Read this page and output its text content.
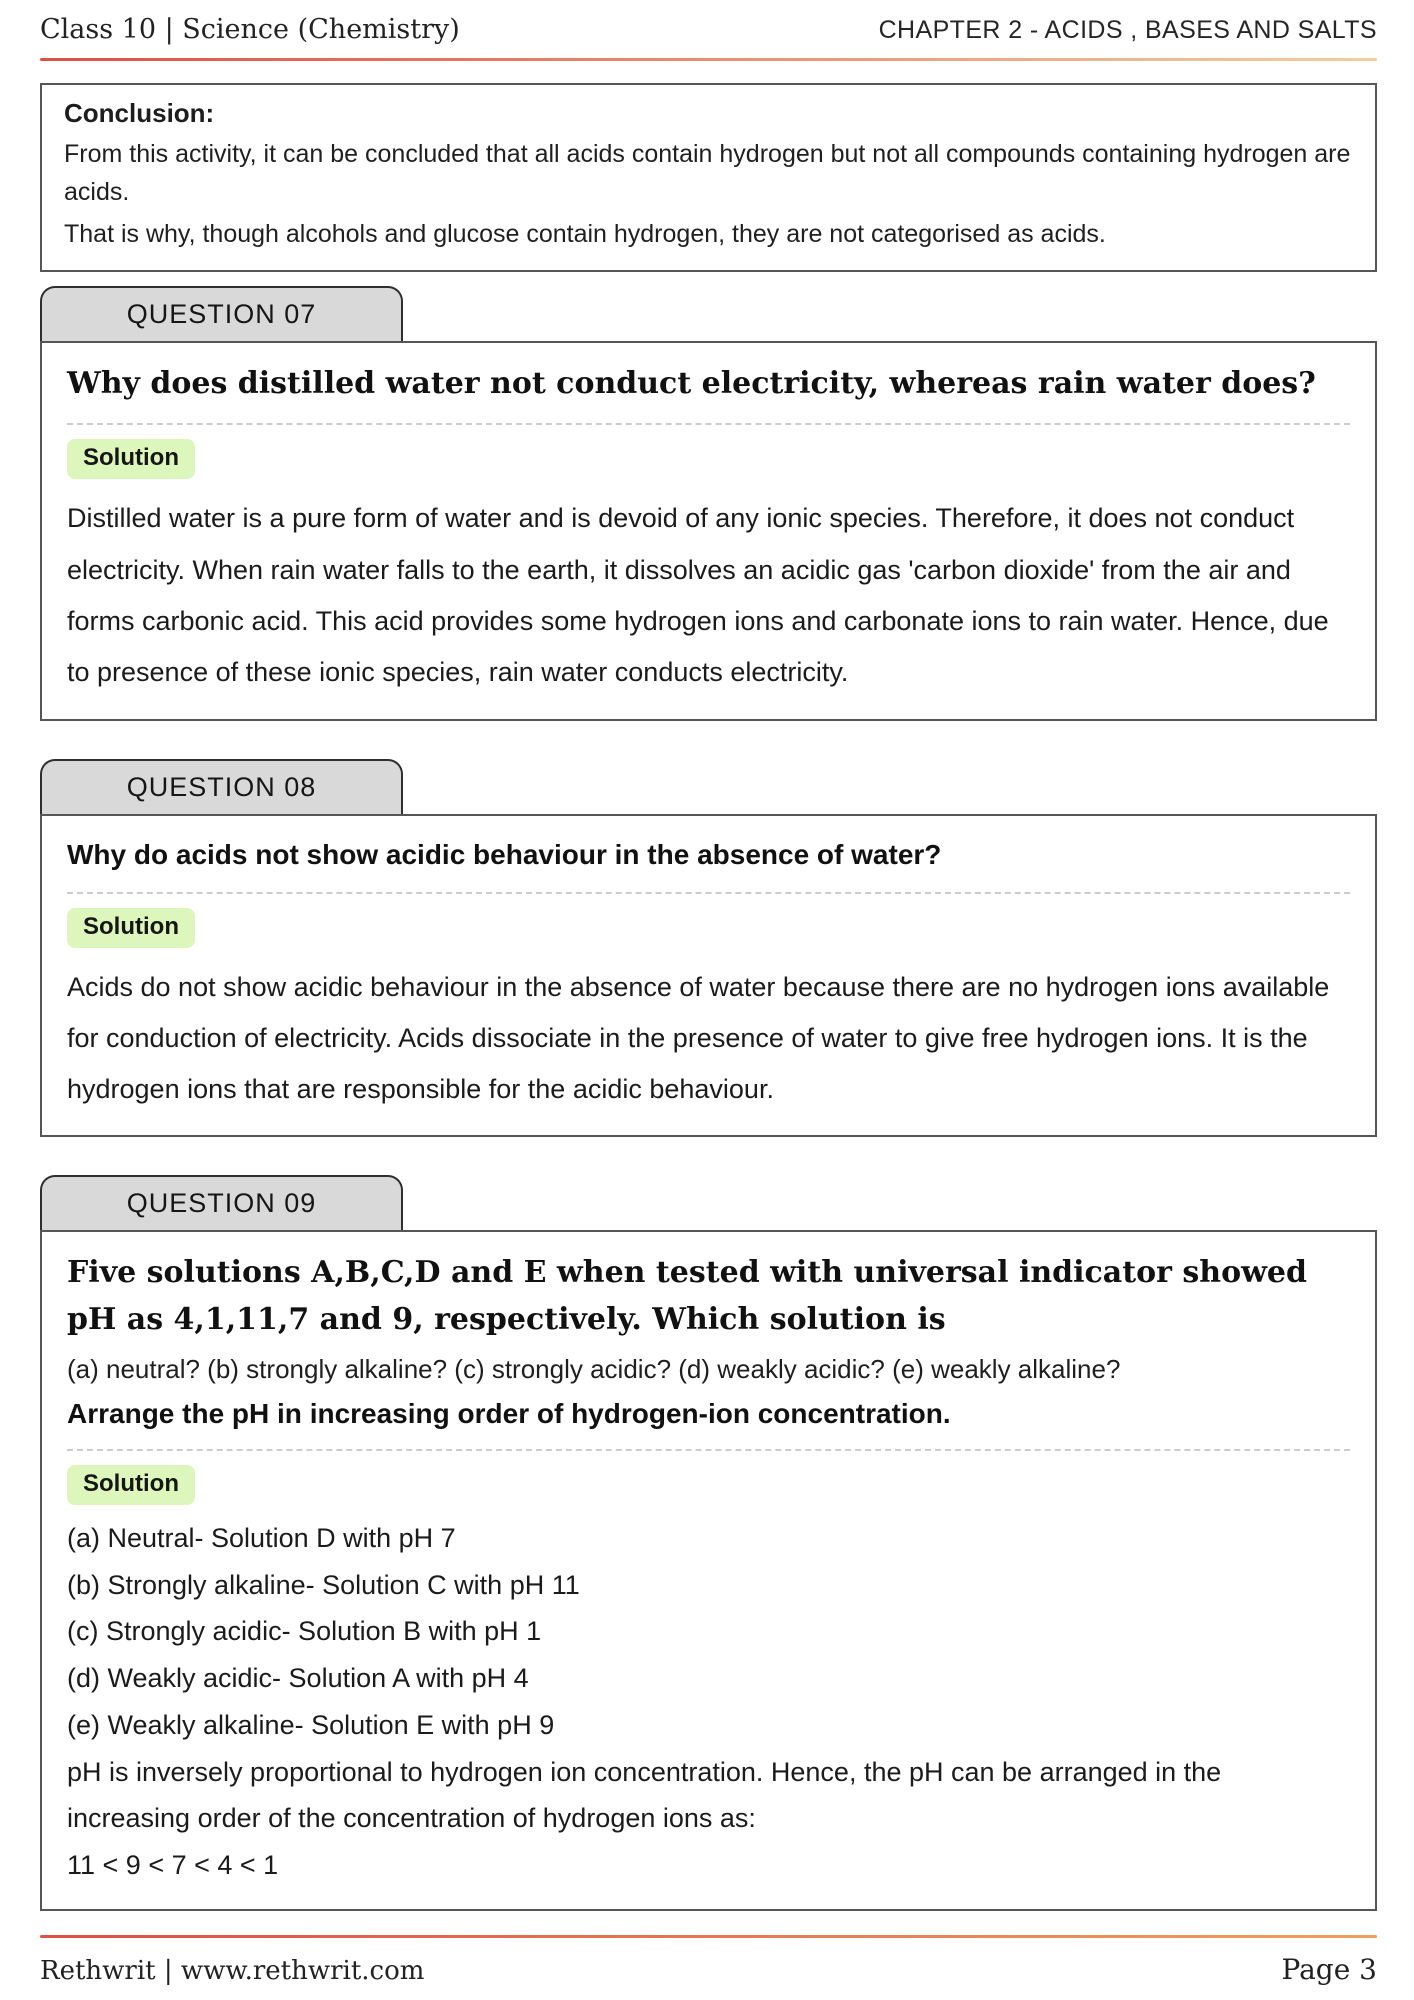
Class 10 | Science (Chemistry)	CHAPTER 2 - ACIDS , BASES AND SALTS
Conclusion:

From this activity, it can be concluded that all acids contain hydrogen but not all compounds containing hydrogen are acids.

That is why, though alcohols and glucose contain hydrogen, they are not categorised as acids.

QUESTION 07
Why does distilled water not conduct electricity, whereas rain water does?
Solution
Distilled water is a pure form of water and is devoid of any ionic species. Therefore, it does not conduct electricity. When rain water falls to the earth, it dissolves an acidic gas 'carbon dioxide' from the air and forms carbonic acid. This acid provides some hydrogen ions and carbonate ions to rain water. Hence, due to presence of these ionic species, rain water conducts electricity.
QUESTION 08
Why do acids not show acidic behaviour in the absence of water?
Solution
Acids do not show acidic behaviour in the absence of water because there are no hydrogen ions available for conduction of electricity. Acids dissociate in the presence of water to give free hydrogen ions. It is the hydrogen ions that are responsible for the acidic behaviour.
QUESTION 09
Five solutions A,B,C,D and E when tested with universal indicator showed pH as 4,1,11,7 and 9, respectively. Which solution is
(a) neutral? (b) strongly alkaline? (c) strongly acidic? (d) weakly acidic? (e) weakly alkaline?
Arrange the pH in increasing order of hydrogen-ion concentration.
Solution
(a) Neutral- Solution D with pH 7
(b) Strongly alkaline- Solution C with pH 11
(c) Strongly acidic- Solution B with pH 1
(d) Weakly acidic- Solution A with pH 4
(e) Weakly alkaline- Solution E with pH 9
pH is inversely proportional to hydrogen ion concentration. Hence, the pH can be arranged in the increasing order of the concentration of hydrogen ions as:
11 < 9 < 7 < 4 < 1
Rethwrit | www.rethwrit.com	Page 3
